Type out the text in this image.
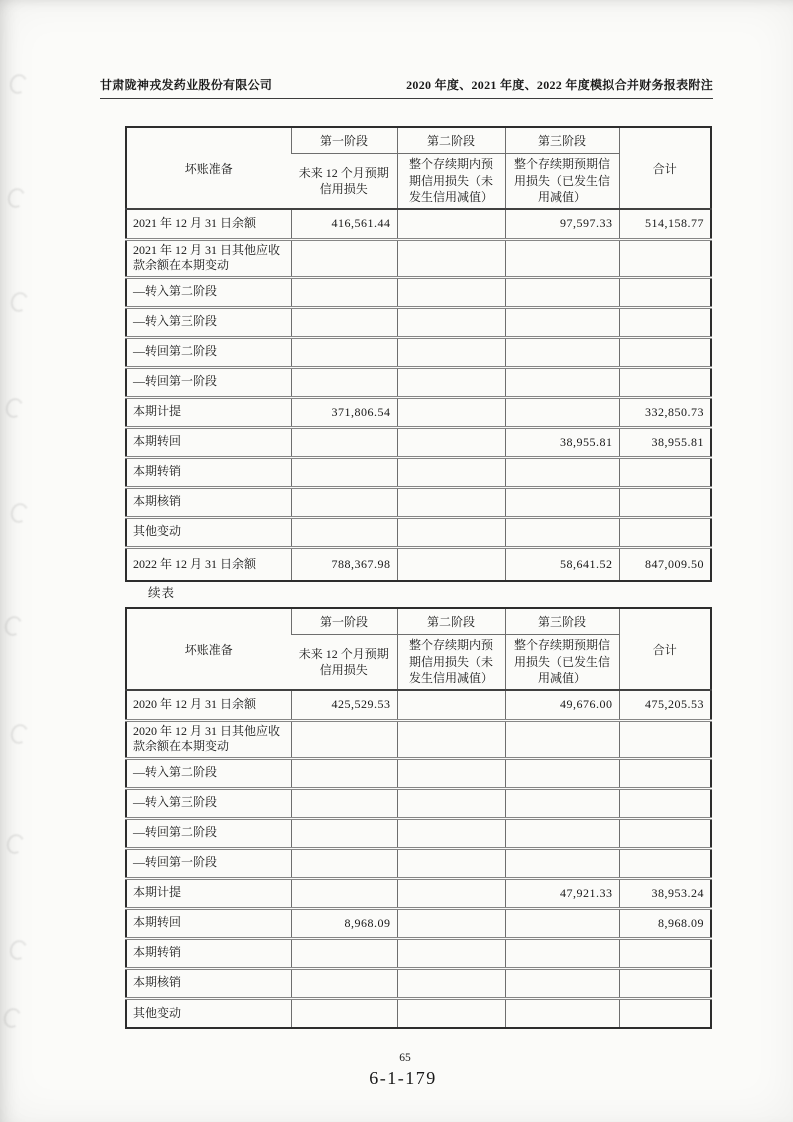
甘肃陇神戎发药业股份有限公司	2020 年度、2021 年度、2022 年度模拟合并财务报表附注
坏账准备	第一阶段	第二阶段	第三阶段	合计
	未来 12 个月预期信用损失	整个存续期内预期信用损失（未发生信用减值）	整个存续期预期信用损失（已发生信用减值）	
2021 年 12 月 31 日余额	416,561.44		97,597.33	514,158.77
2021 年 12 月 31 日其他应收款余额在本期变动				
—转入第二阶段				
—转入第三阶段				
—转回第二阶段				
—转回第一阶段				
本期计提	371,806.54			332,850.73
本期转回			38,955.81	38,955.81
本期转销				
本期核销				
其他变动				
2022 年 12 月 31 日余额	788,367.98		58,641.52	847,009.50
续表
坏账准备	第一阶段	第二阶段	第三阶段	合计
	未来 12 个月预期信用损失	整个存续期内预期信用损失（未发生信用减值）	整个存续期预期信用损失（已发生信用减值）	
2020 年 12 月 31 日余额	425,529.53		49,676.00	475,205.53
2020 年 12 月 31 日其他应收款余额在本期变动				
—转入第二阶段				
—转入第三阶段				
—转回第二阶段				
—转回第一阶段				
本期计提			47,921.33	38,953.24
本期转回	8,968.09			8,968.09
本期转销				
本期核销				
其他变动				
65
6-1-179
